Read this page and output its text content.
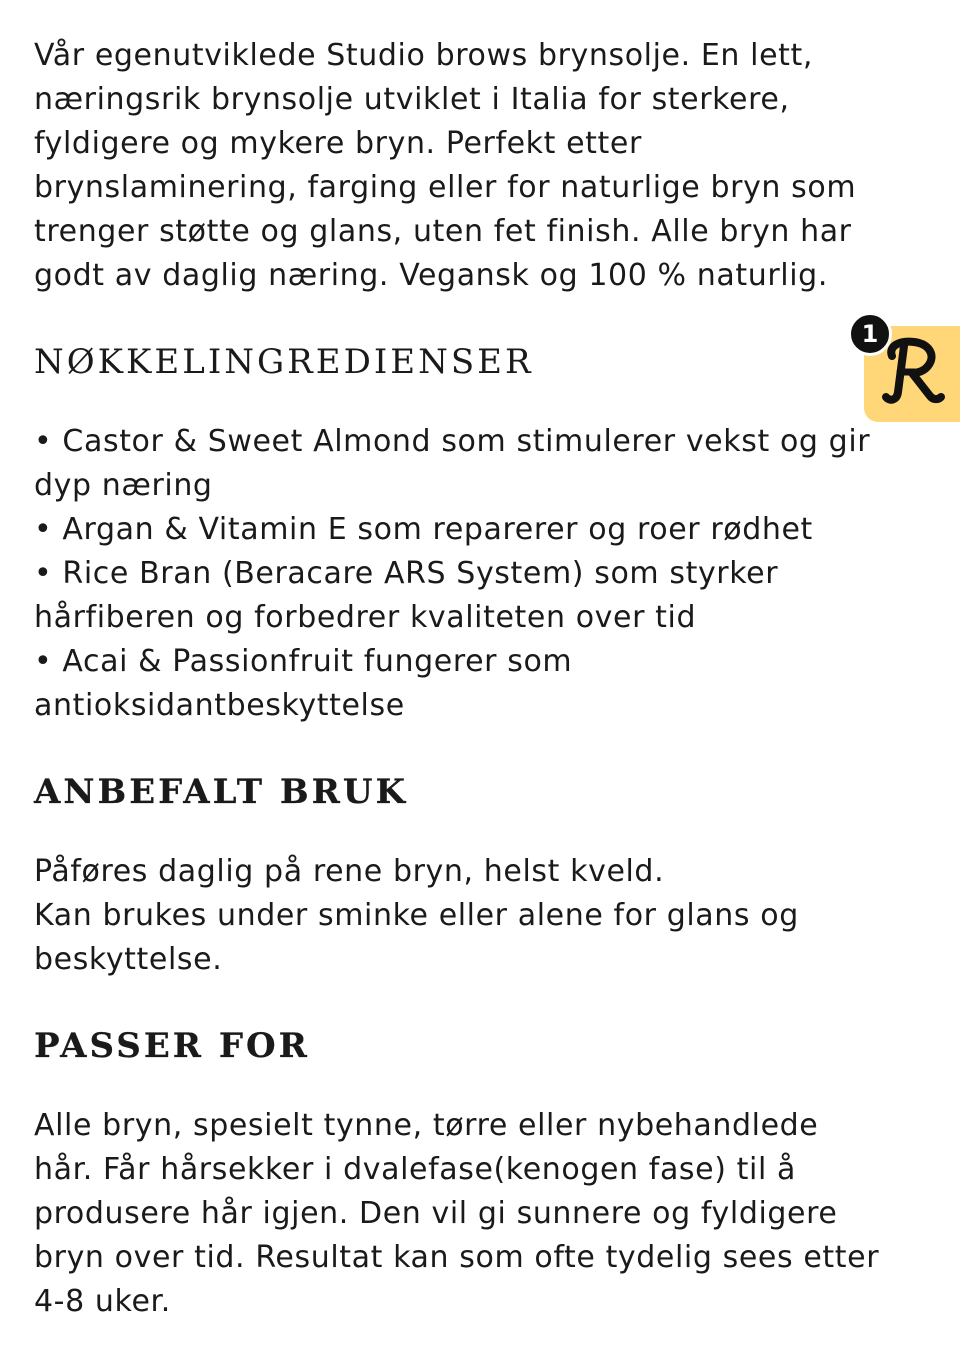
Vår egenutviklede Studio brows brynsolje. En lett,
næringsrik brynsolje utviklet i Italia for sterkere,
fyldigere og mykere bryn. Perfekt etter
brynslaminering, farging eller for naturlige bryn som
trenger støtte og glans, uten fet finish. Alle bryn har
godt av daglig næring. Vegansk og 100 % naturlig.

NØKKELINGREDIENSER

• Castor & Sweet Almond som stimulerer vekst og gir
dyp næring
• Argan & Vitamin E som reparerer og roer rødhet
• Rice Bran (Beracare ARS System) som styrker
hårfiberen og forbedrer kvaliteten over tid
• Acai & Passionfruit fungerer som
antioksidantbeskyttelse

ANBEFALT BRUK

Påføres daglig på rene bryn, helst kveld.
Kan brukes under sminke eller alene for glans og
beskyttelse.

PASSER FOR

Alle bryn, spesielt tynne, tørre eller nybehandlede
hår. Får hårsekker i dvalefase(kenogen fase) til å
produsere hår igjen. Den vil gi sunnere og fyldigere
bryn over tid. Resultat kan som ofte tydelig sees etter
4-8 uker.

1
